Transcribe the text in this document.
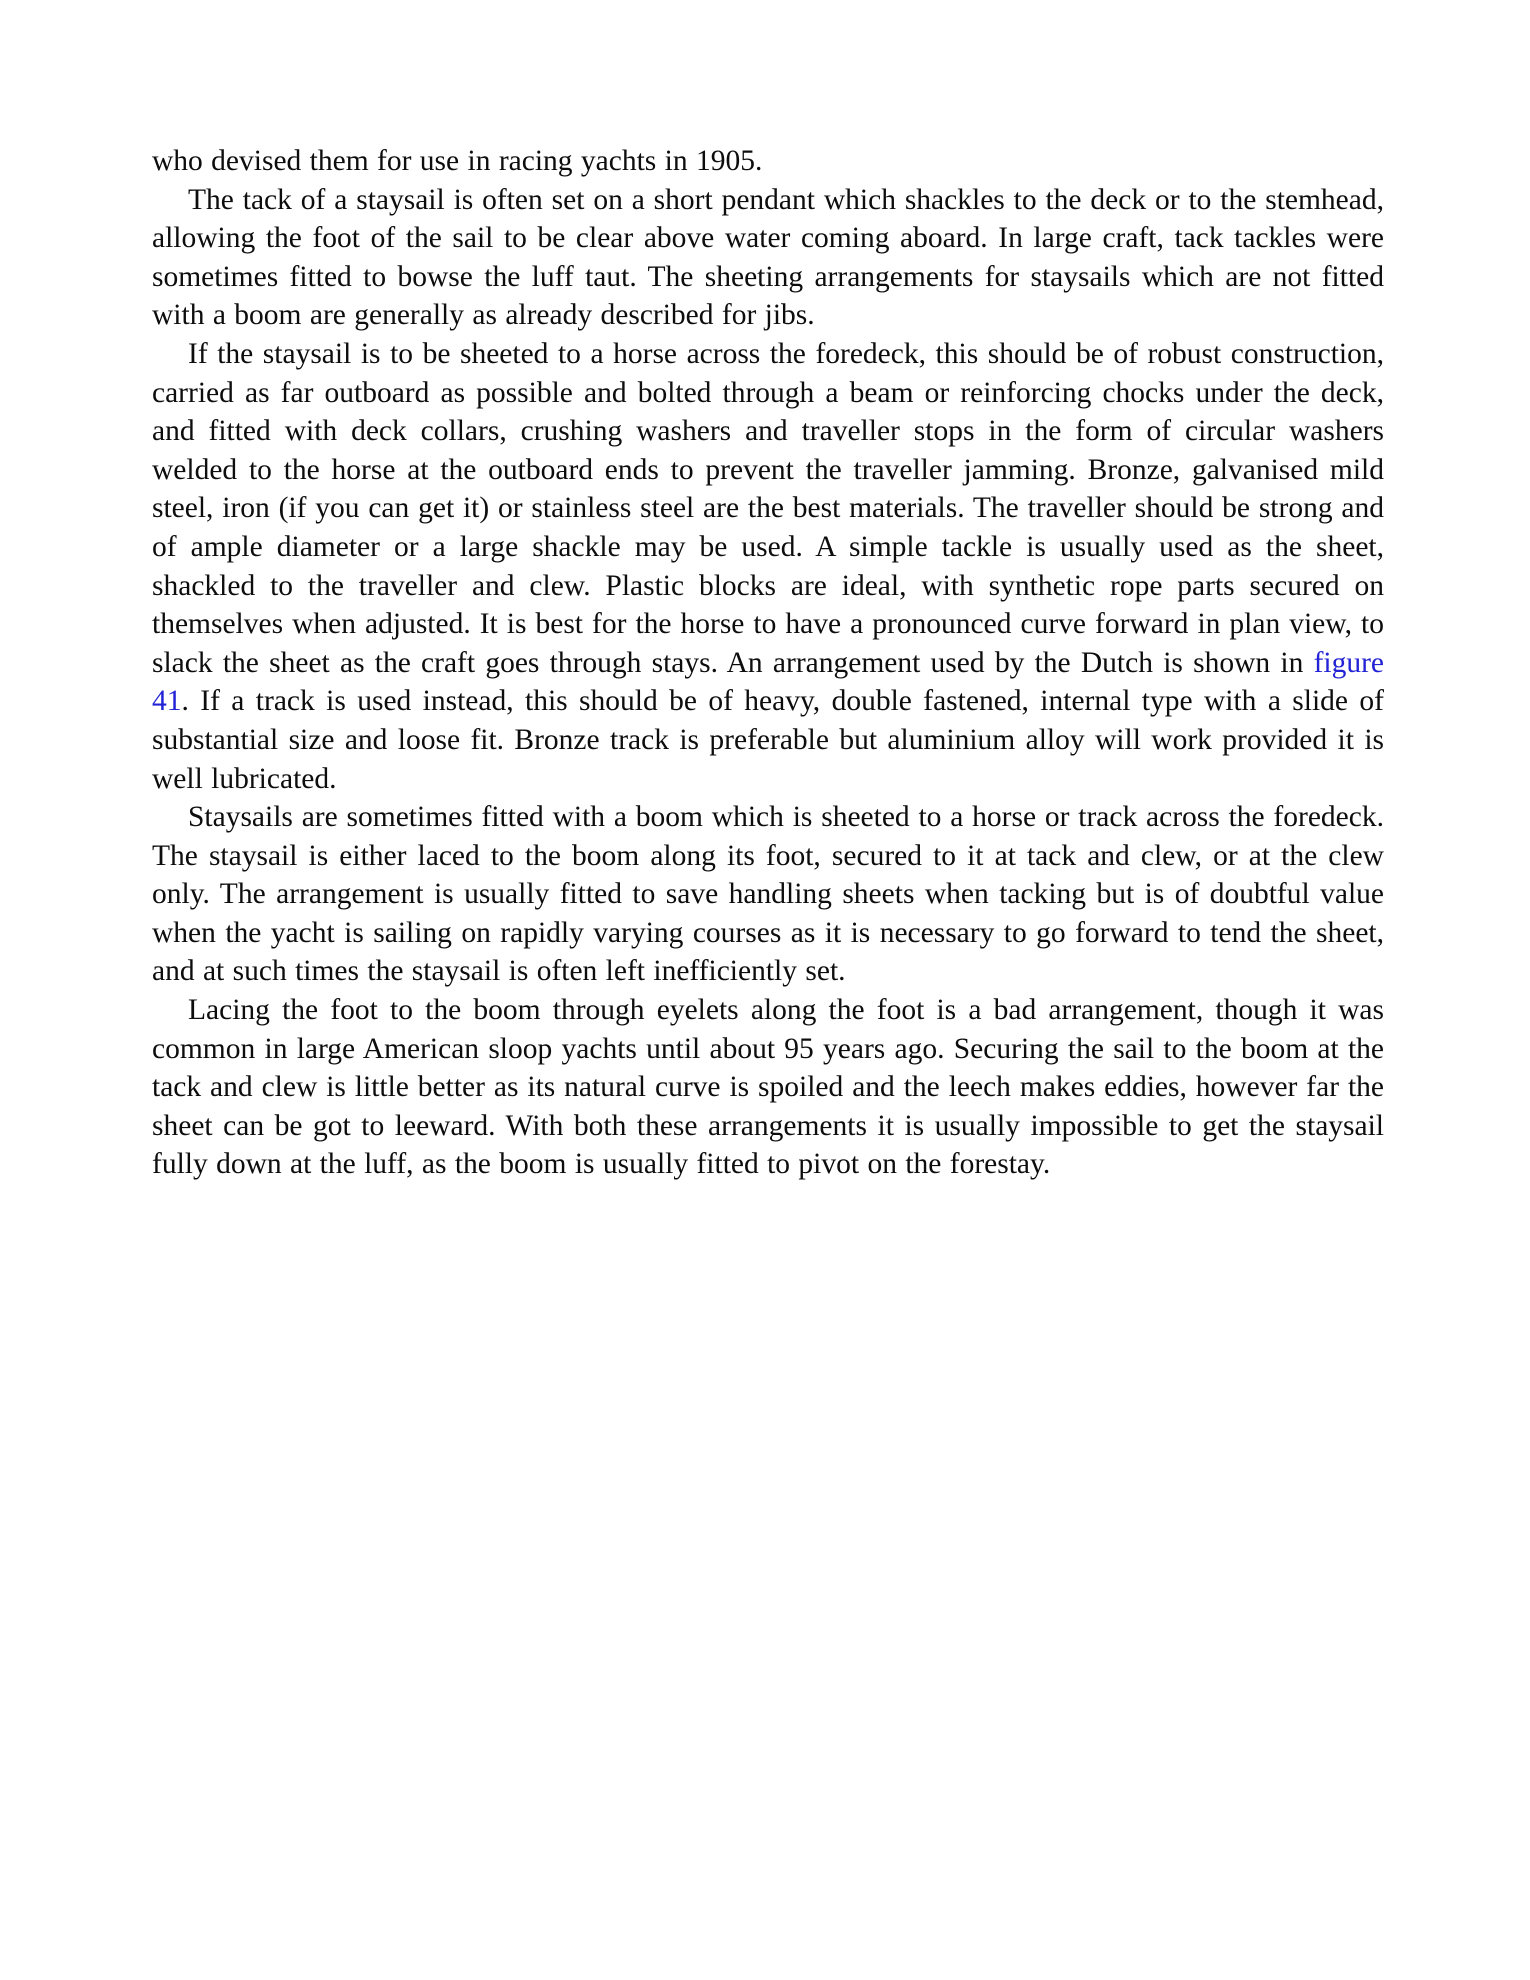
who devised them for use in racing yachts in 1905.

The tack of a staysail is often set on a short pendant which shackles to the deck or to the stemhead, allowing the foot of the sail to be clear above water coming aboard. In large craft, tack tackles were sometimes fitted to bowse the luff taut. The sheeting arrangements for staysails which are not fitted with a boom are generally as already described for jibs.

If the staysail is to be sheeted to a horse across the foredeck, this should be of robust construction, carried as far outboard as possible and bolted through a beam or reinforcing chocks under the deck, and fitted with deck collars, crushing washers and traveller stops in the form of circular washers welded to the horse at the outboard ends to prevent the traveller jamming. Bronze, galvanised mild steel, iron (if you can get it) or stainless steel are the best materials. The traveller should be strong and of ample diameter or a large shackle may be used. A simple tackle is usually used as the sheet, shackled to the traveller and clew. Plastic blocks are ideal, with synthetic rope parts secured on themselves when adjusted. It is best for the horse to have a pronounced curve forward in plan view, to slack the sheet as the craft goes through stays. An arrangement used by the Dutch is shown in figure 41. If a track is used instead, this should be of heavy, double fastened, internal type with a slide of substantial size and loose fit. Bronze track is preferable but aluminium alloy will work provided it is well lubricated.

Staysails are sometimes fitted with a boom which is sheeted to a horse or track across the foredeck. The staysail is either laced to the boom along its foot, secured to it at tack and clew, or at the clew only. The arrangement is usually fitted to save handling sheets when tacking but is of doubtful value when the yacht is sailing on rapidly varying courses as it is necessary to go forward to tend the sheet, and at such times the staysail is often left inefficiently set.

Lacing the foot to the boom through eyelets along the foot is a bad arrangement, though it was common in large American sloop yachts until about 95 years ago. Securing the sail to the boom at the tack and clew is little better as its natural curve is spoiled and the leech makes eddies, however far the sheet can be got to leeward. With both these arrangements it is usually impossible to get the staysail fully down at the luff, as the boom is usually fitted to pivot on the forestay.
